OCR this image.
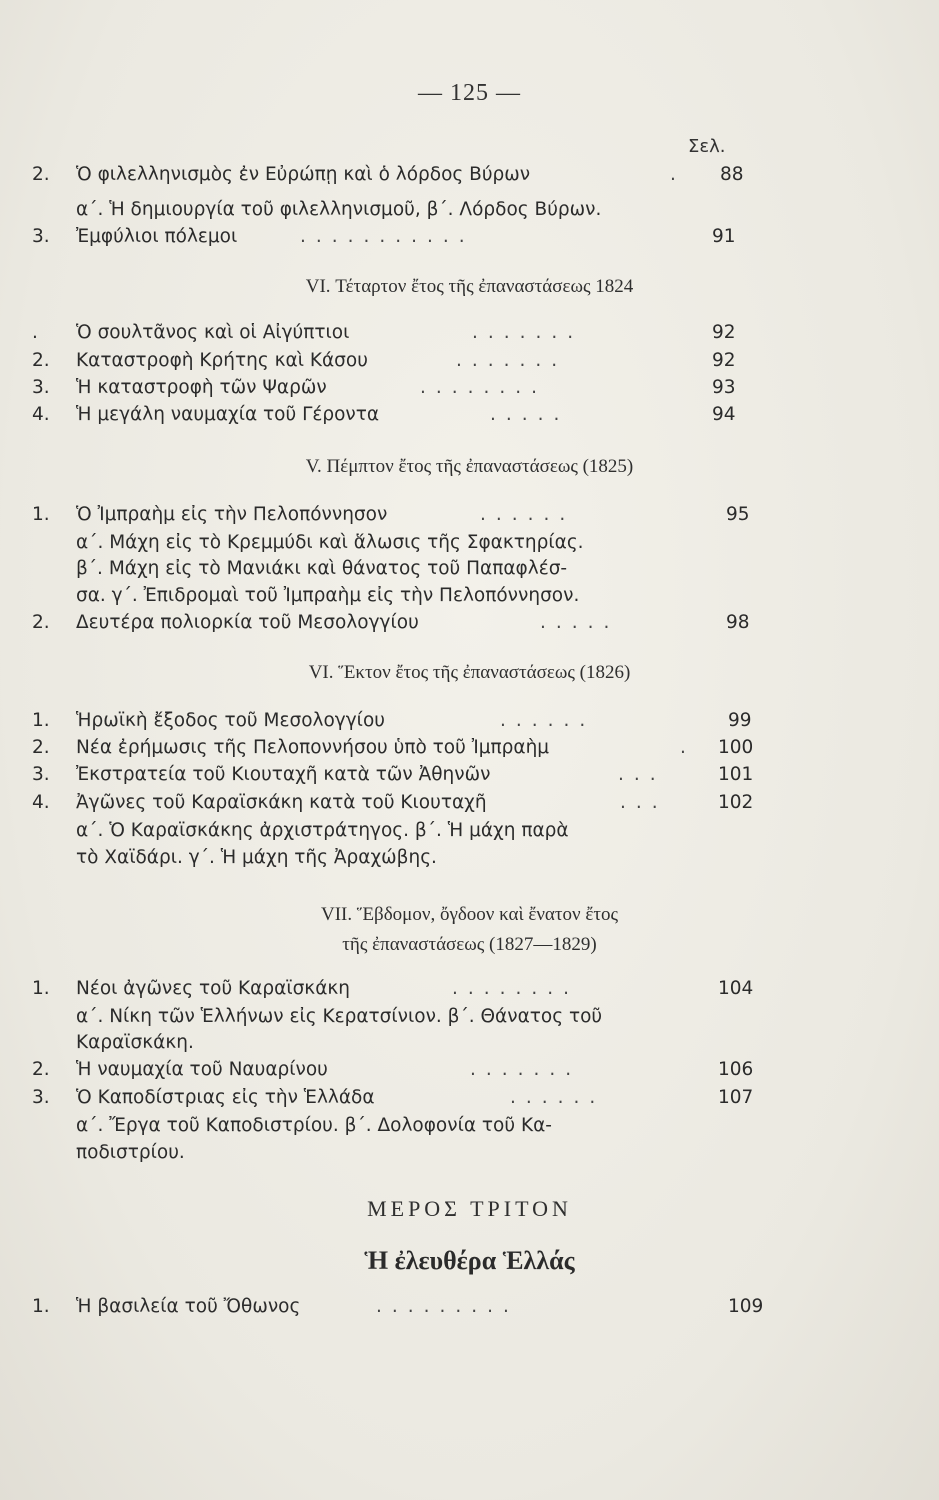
— 125 —
Σελ.
2.	Ὁ φιλελληνισμὸς ἐν Εὐρώπῃ καὶ ὁ λόρδος Βύρων	. 88
α΄. Ἡ δημιουργία τοῦ φιλελληνισμοῦ, β΄. Λόρδος Βύρων.
3.	Ἐμφύλιοι πόλεμοι	...........	91
VI. Τέταρτον ἔτος τῆς ἐπαναστάσεως 1824
.	Ὁ σουλτᾶνος καὶ οἱ Αἰγύπτιοι	.......	92
2.	Καταστροφὴ Κρήτης καὶ Κάσου	.......	92
3.	Ἡ καταστροφὴ τῶν Ψαρῶν	........	93
4.	Ἡ μεγάλη ναυμαχία τοῦ Γέροντα	.....	94
V. Πέμπτον ἔτος τῆς ἐπαναστάσεως (1825)
1.	Ὁ Ἰμπραὴμ εἰς τὴν Πελοπόννησον	......	95
α΄. Μάχη εἰς τὸ Κρεμμύδι καὶ ἅλωσις τῆς Σφακτηρίας.
β΄. Μάχη εἰς τὸ Μανιάκι καὶ θάνατος τοῦ Παπαφλέσ-
σα. γ΄. Ἐπιδρομαὶ τοῦ Ἰμπραὴμ εἰς τὴν Πελοπόννησον.
2.	Δευτέρα πολιορκία τοῦ Μεσολογγίου	.....	98
VI. Ἕκτον ἔτος τῆς ἐπαναστάσεως (1826)
1.	Ἡρωϊκὴ ἔξοδος τοῦ Μεσολογγίου	......	99
2.	Νέα ἐρήμωσις τῆς Πελοποννήσου ὑπὸ τοῦ Ἰμπραὴμ	. 100
3.	Ἐκστρατεία τοῦ Κιουταχῆ κατὰ τῶν Ἀθηνῶν	...	101
4.	Ἀγῶνες τοῦ Καραϊσκάκη κατὰ τοῦ Κιουταχῆ	...	102
α΄. Ὁ Καραϊσκάκης ἀρχιστράτηγος. β΄. Ἡ μάχη παρὰ
τὸ Χαϊδάρι. γ΄. Ἡ μάχη τῆς Ἀραχώβης.
VII. Ἕβδομον, ὄγδοον καὶ ἔνατον ἔτος
τῆς ἐπαναστάσεως (1827—1829)
1.	Νέοι ἀγῶνες τοῦ Καραϊσκάκη	........	104
α΄. Νίκη τῶν Ἑλλήνων εἰς Κερατσίνιον. β΄. Θάνατος τοῦ
Καραϊσκάκη.
2.	Ἡ ναυμαχία τοῦ Ναυαρίνου	.......	106
3.	Ὁ Καποδίστριας εἰς τὴν Ἑλλάδα	......	107
α΄. Ἔργα τοῦ Καποδιστρίου. β΄. Δολοφονία τοῦ Κα-
ποδιστρίου.
ΜΕΡΟΣ ΤΡΙΤΟΝ
Ἡ ἐλευθέρα Ἑλλάς
1.	Ἡ βασιλεία τοῦ Ὄθωνος	.........	109
